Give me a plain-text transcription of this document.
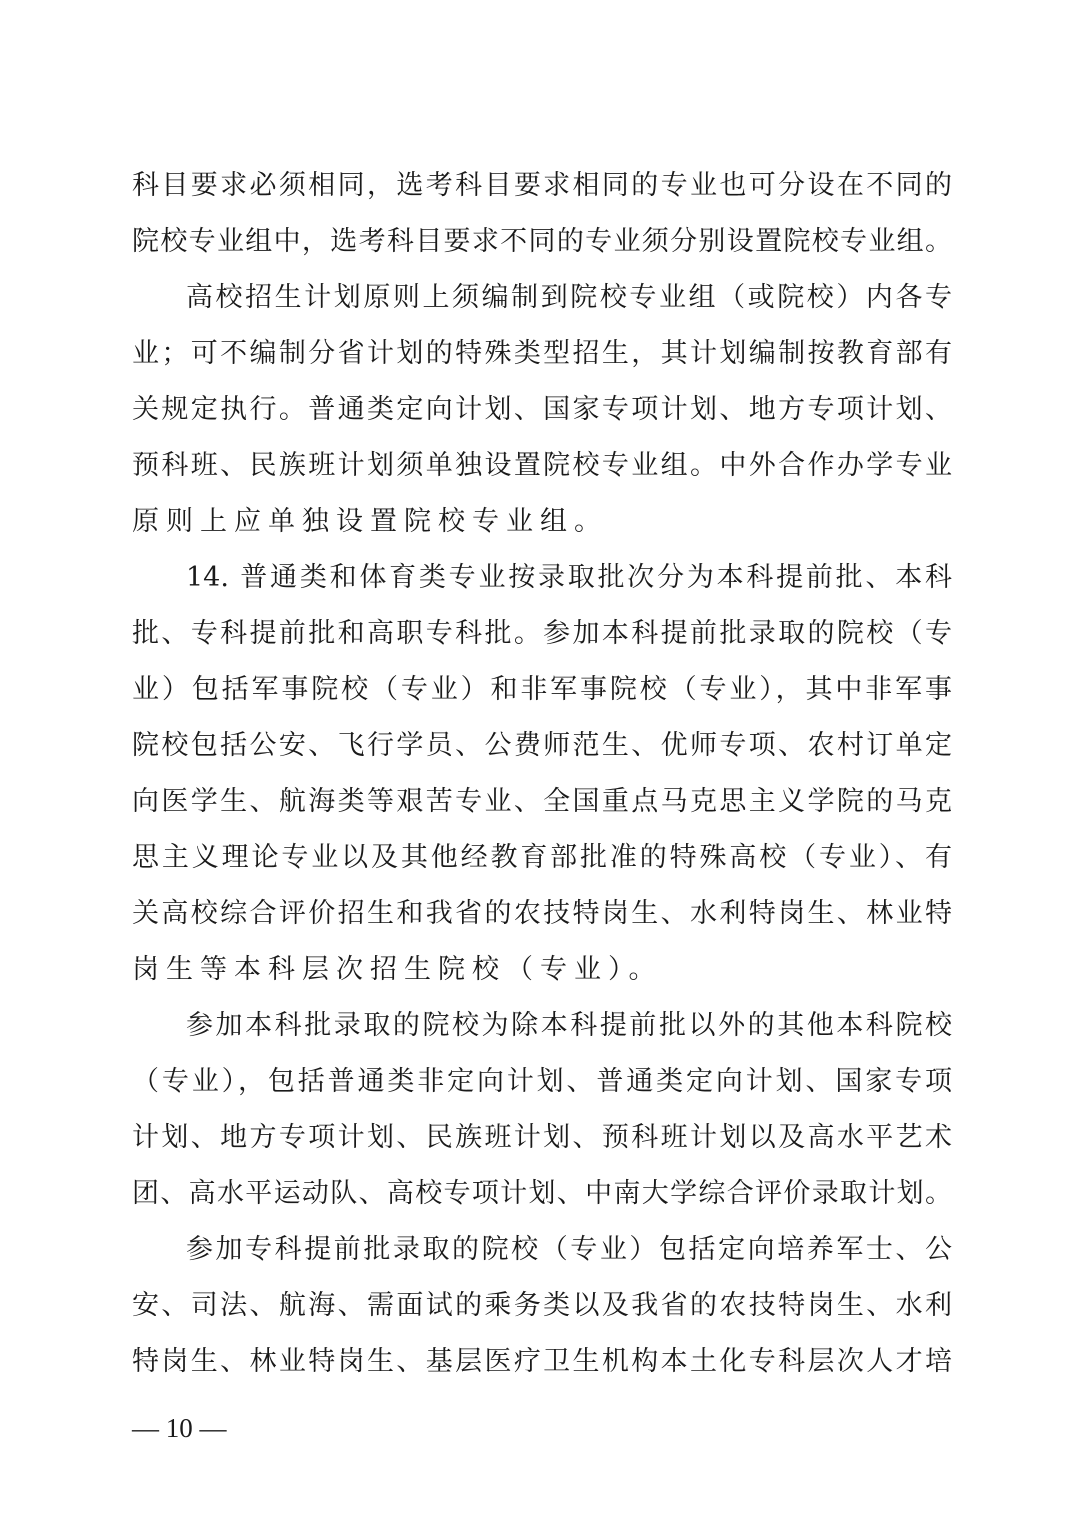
科目要求必须相同，选考科目要求相同的专业也可分设在不同的
院校专业组中，选考科目要求不同的专业须分别设置院校专业组。
高校招生计划原则上须编制到院校专业组（或院校）内各专
业；可不编制分省计划的特殊类型招生，其计划编制按教育部有
关规定执行。普通类定向计划、国家专项计划、地方专项计划、
预科班、民族班计划须单独设置院校专业组。中外合作办学专业
原则上应单独设置院校专业组。
14. 普通类和体育类专业按录取批次分为本科提前批、本科
批、专科提前批和高职专科批。参加本科提前批录取的院校（专
业）包括军事院校（专业）和非军事院校（专业），其中非军事
院校包括公安、飞行学员、公费师范生、优师专项、农村订单定
向医学生、航海类等艰苦专业、全国重点马克思主义学院的马克
思主义理论专业以及其他经教育部批准的特殊高校（专业）、有
关高校综合评价招生和我省的农技特岗生、水利特岗生、林业特
岗生等本科层次招生院校（专业）。
参加本科批录取的院校为除本科提前批以外的其他本科院校
（专业），包括普通类非定向计划、普通类定向计划、国家专项
计划、地方专项计划、民族班计划、预科班计划以及高水平艺术
团、高水平运动队、高校专项计划、中南大学综合评价录取计划。
参加专科提前批录取的院校（专业）包括定向培养军士、公
安、司法、航海、需面试的乘务类以及我省的农技特岗生、水利
特岗生、林业特岗生、基层医疗卫生机构本土化专科层次人才培
— 10 —
